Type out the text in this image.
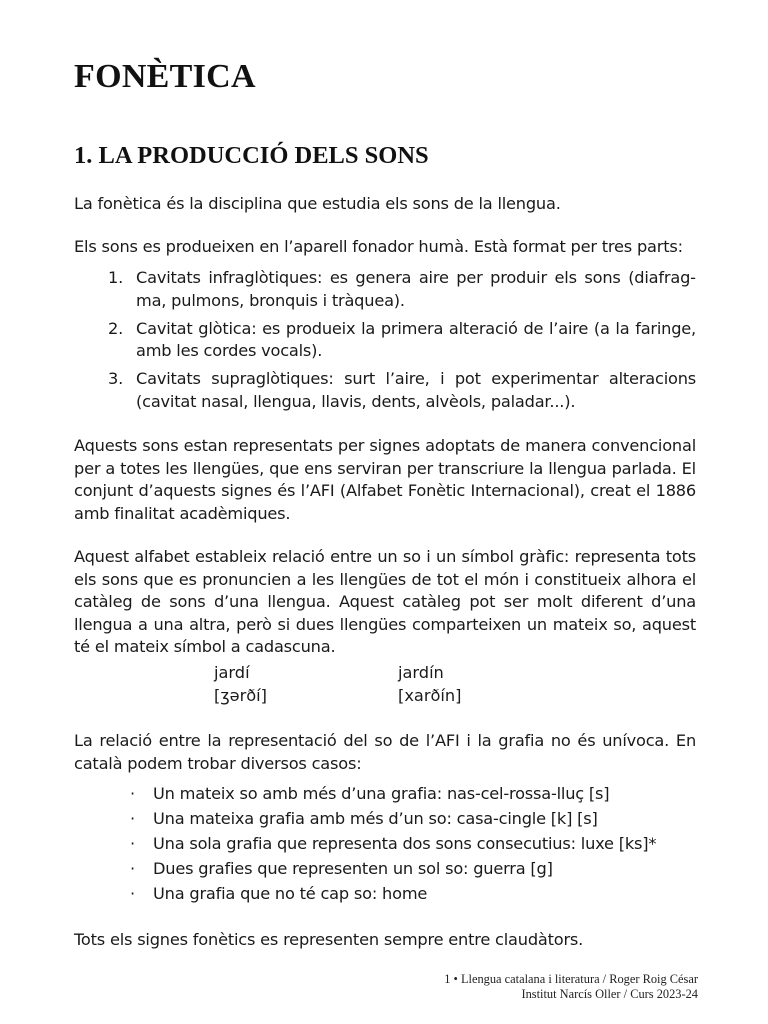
FONÈTICA
1. LA PRODUCCIÓ DELS SONS

La fonètica és la disciplina que estudia els sons de la llengua.

Els sons es produeixen en l’aparell fonador humà. Està format per tres parts:

1. Cavitats infraglòtiques: es genera aire per produir els sons (diafragma, pulmons, bronquis i tràquea).
2. Cavitat glòtica: es produeix la primera alteració de l’aire (a la faringe, amb les cordes vocals).
3. Cavitats supraglòtiques: surt l’aire, i pot experimentar alteracions (cavitat nasal, llengua, llavis, dents, alvèols, paladar...).

Aquests sons estan representats per signes adoptats de manera convencional per a totes les llengües, que ens serviran per transcriure la llengua parlada. El conjunt d’aquests signes és l’AFI (Alfabet Fonètic Internacional), creat el 1886 amb finalitat acadèmiques.

Aquest alfabet estableix relació entre un so i un símbol gràfic: representa tots els sons que es pronuncien a les llengües de tot el món i constitueix alhora el catàleg de sons d’una llengua. Aquest catàleg pot ser molt diferent d’una llengua a una altra, però si dues llengües comparteixen un mateix so, aquest té el mateix símbol a cadascuna.

jardí
[ʒərðí]
jardín
[xarðín]

La relació entre la representació del so de l’AFI i la grafia no és unívoca. En català podem trobar diversos casos:

· Un mateix so amb més d’una grafia: nas-cel-rossa-lluç [s]
· Una mateixa grafia amb més d’un so: casa-cingle [k] [s]
· Una sola grafia que representa dos sons consecutius: luxe [ks]*
· Dues grafies que representen un sol so: guerra [g]
· Una grafia que no té cap so: home

Tots els signes fonètics es representen sempre entre claudàtors.

1 • Llengua catalana i literatura / Roger Roig César
Institut Narcís Oller / Curs 2023-24
